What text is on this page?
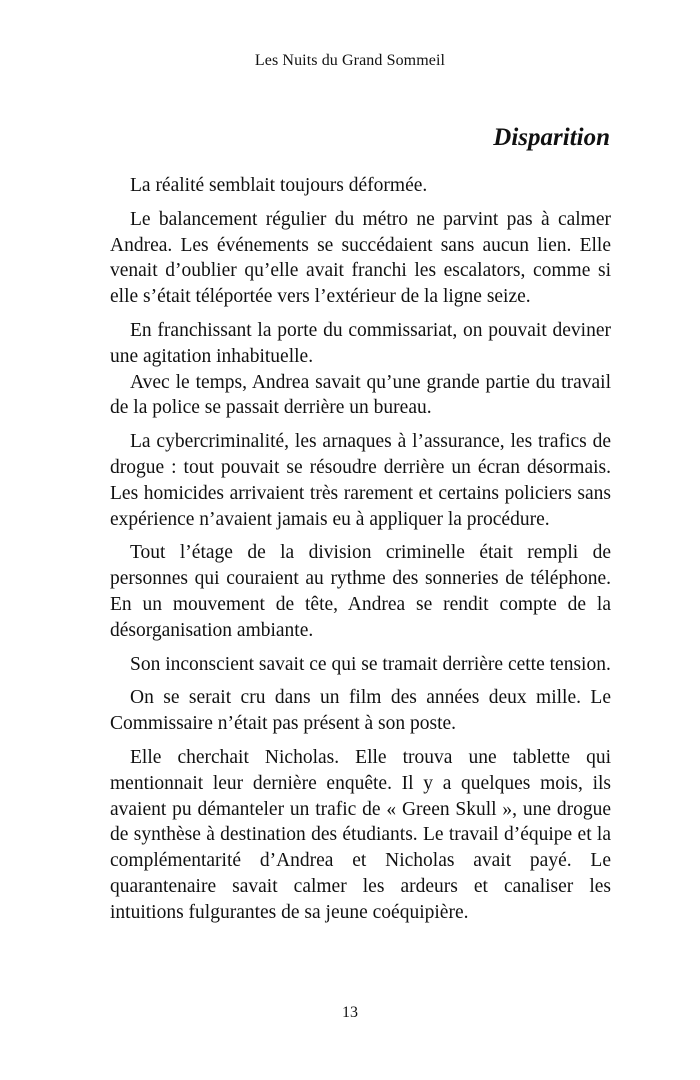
Les Nuits du Grand Sommeil
Disparition

La réalité semblait toujours déformée.

Le balancement régulier du métro ne parvint pas à calmer Andrea. Les événements se succédaient sans aucun lien. Elle venait d’oublier qu’elle avait franchi les escalators, comme si elle s’était téléportée vers l’extérieur de la ligne seize.

En franchissant la porte du commissariat, on pouvait deviner une agitation inhabituelle.

Avec le temps, Andrea savait qu’une grande partie du travail de la police se passait derrière un bureau.

La cybercriminalité, les arnaques à l’assurance, les trafics de drogue : tout pouvait se résoudre derrière un écran désormais. Les homicides arrivaient très rarement et certains policiers sans expérience n’avaient jamais eu à appliquer la procédure.

Tout l’étage de la division criminelle était rempli de personnes qui couraient au rythme des sonneries de téléphone. En un mouvement de tête, Andrea se rendit compte de la désorganisation ambiante.

Son inconscient savait ce qui se tramait derrière cette tension.

On se serait cru dans un film des années deux mille. Le Commissaire n’était pas présent à son poste.

Elle cherchait Nicholas. Elle trouva une tablette qui mentionnait leur dernière enquête. Il y a quelques mois, ils avaient pu démanteler un trafic de « Green Skull », une drogue de synthèse à destination des étudiants. Le travail d’équipe et la complémentarité d’Andrea et Nicholas avait payé. Le quarantenaire savait calmer les ardeurs et canaliser les intuitions fulgurantes de sa jeune coéquipière.

13
